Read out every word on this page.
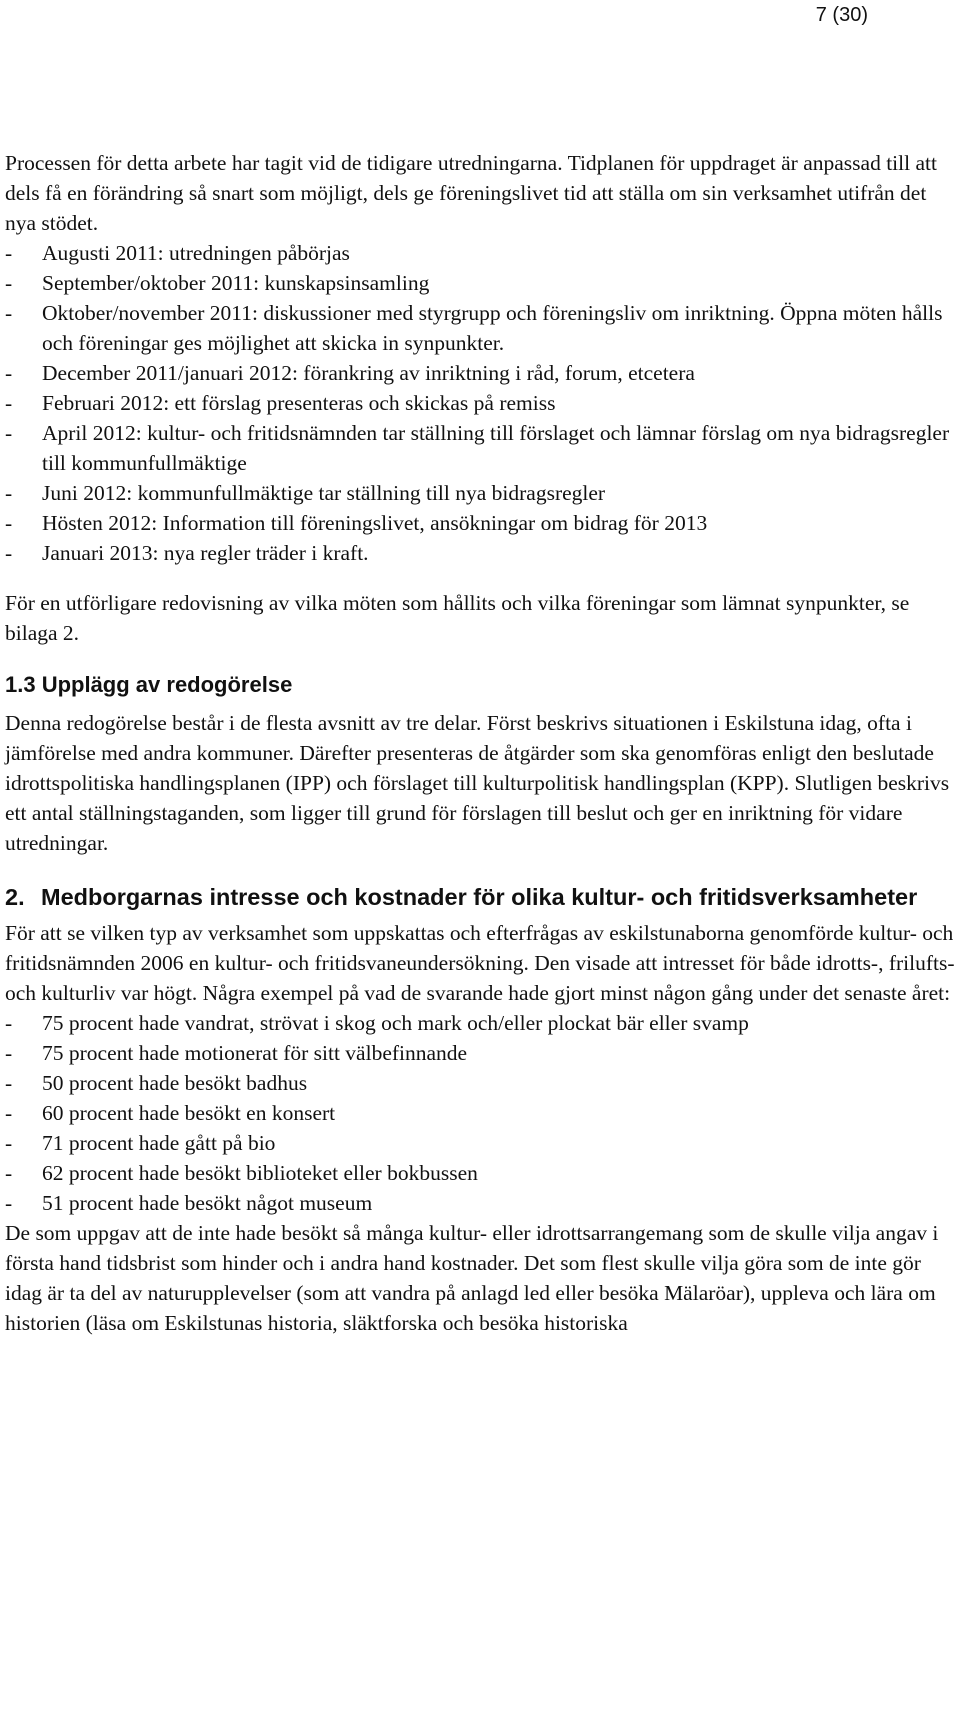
7 (30)

Processen för detta arbete har tagit vid de tidigare utredningarna. Tidplanen för uppdraget är anpassad till att dels få en förändring så snart som möjligt, dels ge föreningslivet tid att ställa om sin verksamhet utifrån det nya stödet.

- Augusti 2011: utredningen påbörjas
- September/oktober 2011: kunskapsinsamling
- Oktober/november 2011: diskussioner med styrgrupp och föreningsliv om inriktning. Öppna möten hålls och föreningar ges möjlighet att skicka in synpunkter.
- December 2011/januari 2012: förankring av inriktning i råd, forum, etcetera
- Februari 2012: ett förslag presenteras och skickas på remiss
- April 2012: kultur- och fritidsnämnden tar ställning till förslaget och lämnar förslag om nya bidragsregler till kommunfullmäktige
- Juni 2012: kommunfullmäktige tar ställning till nya bidragsregler
- Hösten 2012: Information till föreningslivet, ansökningar om bidrag för 2013
- Januari 2013: nya regler träder i kraft.

För en utförligare redovisning av vilka möten som hållits och vilka föreningar som lämnat synpunkter, se bilaga 2.

1.3 Upplägg av redogörelse

Denna redogörelse består i de flesta avsnitt av tre delar. Först beskrivs situationen i Eskilstuna idag, ofta i jämförelse med andra kommuner. Därefter presenteras de åtgärder som ska genomföras enligt den beslutade idrottspolitiska handlingsplanen (IPP) och förslaget till kulturpolitisk handlingsplan (KPP). Slutligen beskrivs ett antal ställningstaganden, som ligger till grund för förslagen till beslut och ger en inriktning för vidare utredningar.

2. Medborgarnas intresse och kostnader för olika kultur- och fritidsverksamheter

För att se vilken typ av verksamhet som uppskattas och efterfrågas av eskilstunaborna genomförde kultur- och fritidsnämnden 2006 en kultur- och fritidsvaneundersökning. Den visade att intresset för både idrotts-, frilufts- och kulturliv var högt. Några exempel på vad de svarande hade gjort minst någon gång under det senaste året:

- 75 procent hade vandrat, strövat i skog och mark och/eller plockat bär eller svamp
- 75 procent hade motionerat för sitt välbefinnande
- 50 procent hade besökt badhus
- 60 procent hade besökt en konsert
- 71 procent hade gått på bio
- 62 procent hade besökt biblioteket eller bokbussen
- 51 procent hade besökt något museum

De som uppgav att de inte hade besökt så många kultur- eller idrottsarrangemang som de skulle vilja angav i första hand tidsbrist som hinder och i andra hand kostnader. Det som flest skulle vilja göra som de inte gör idag är ta del av naturupplevelser (som att vandra på anlagd led eller besöka Mälaröar), uppleva och lära om historien (läsa om Eskilstunas historia, släktforska och besöka historiska
